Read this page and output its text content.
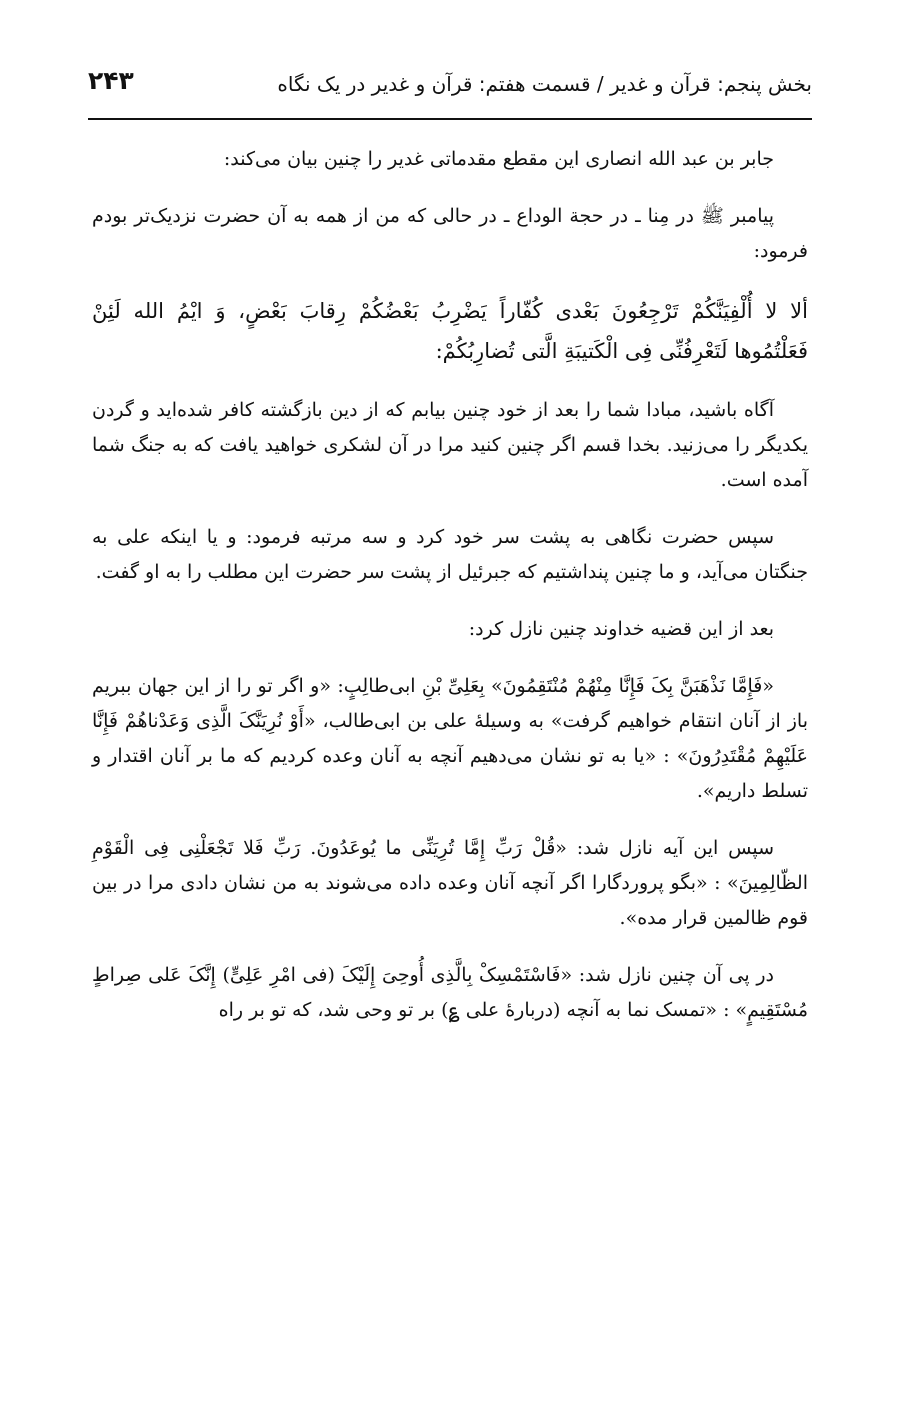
بخش پنجم: قرآن و غدیر / قسمت هفتم: قرآن و غدیر در یک نگاه
۲۴۳

جابر بن عبد الله انصاری این مقطع مقدماتی غدیر را چنین بیان می‌کند:

پیامبر ﷺ در مِنا ـ در حجة الوداع ـ در حالی که من از همه به آن حضرت نزدیک‌تر بودم فرمود:

ألا لا أُلْفِیَنَّكُمْ تَرْجِعُونَ بَعْدی کُفّاراً یَضْرِبُ بَعْضُكُمْ رِقابَ بَعْضٍ، وَ ایْمُ الله لَئِنْ فَعَلْتُمُوها لَتَعْرِفُنِّی فِی الْكَتیبَةِ الَّتی تُضارِبُكُمْ:

آگاه باشید، مبادا شما را بعد از خود چنین بیابم که از دین بازگشته کافر شده‌اید و گردن یکدیگر را می‌زنید. بخدا قسم اگر چنین کنید مرا در آن لشکری خواهید یافت که به جنگ شما آمده است.

سپس حضرت نگاهی به پشت سر خود کرد و سه مرتبه فرمود: و یا اینکه علی به جنگتان می‌آید، و ما چنین پنداشتیم که جبرئیل از پشت سر حضرت این مطلب را به او گفت.

بعد از این قضیه خداوند چنین نازل کرد:

«فَإِمَّا نَذْهَبَنَّ بِکَ فَإِنَّا مِنْهُمْ مُنْتَقِمُونَ» بِعَلِیِّ بْنِ ابی‌طالِبٍ: «و اگر تو را از این جهان ببریم باز از آنان انتقام خواهیم گرفت» به وسیلهٔ علی بن ابی‌طالب، «أَوْ نُرِیَنَّکَ الَّذِی وَعَدْناهُمْ فَإِنَّا عَلَیْهِمْ مُقْتَدِرُونَ» : «یا به تو نشان می‌دهیم آنچه به آنان وعده کردیم که ما بر آنان اقتدار و تسلط داریم».

سپس این آیه نازل شد: «قُلْ رَبِّ إِمَّا تُرِیَنِّی ما یُوعَدُونَ. رَبِّ فَلا تَجْعَلْنِی فِی الْقَوْمِ الظّالِمِینَ» : «بگو پروردگارا اگر آنچه آنان وعده داده می‌شوند به من نشان دادی مرا در بین قوم ظالمین قرار مده».

در پی آن چنین نازل شد: «فَاسْتَمْسِکْ بِالَّذِی أُوحِیَ إِلَیْکَ (فی امْرِ عَلِیٍّ) إِنَّکَ عَلی صِراطٍ مُسْتَقِیمٍ» : «تمسک نما به آنچه (دربارهٔ علی ؏) بر تو وحی شد، که تو بر راه
